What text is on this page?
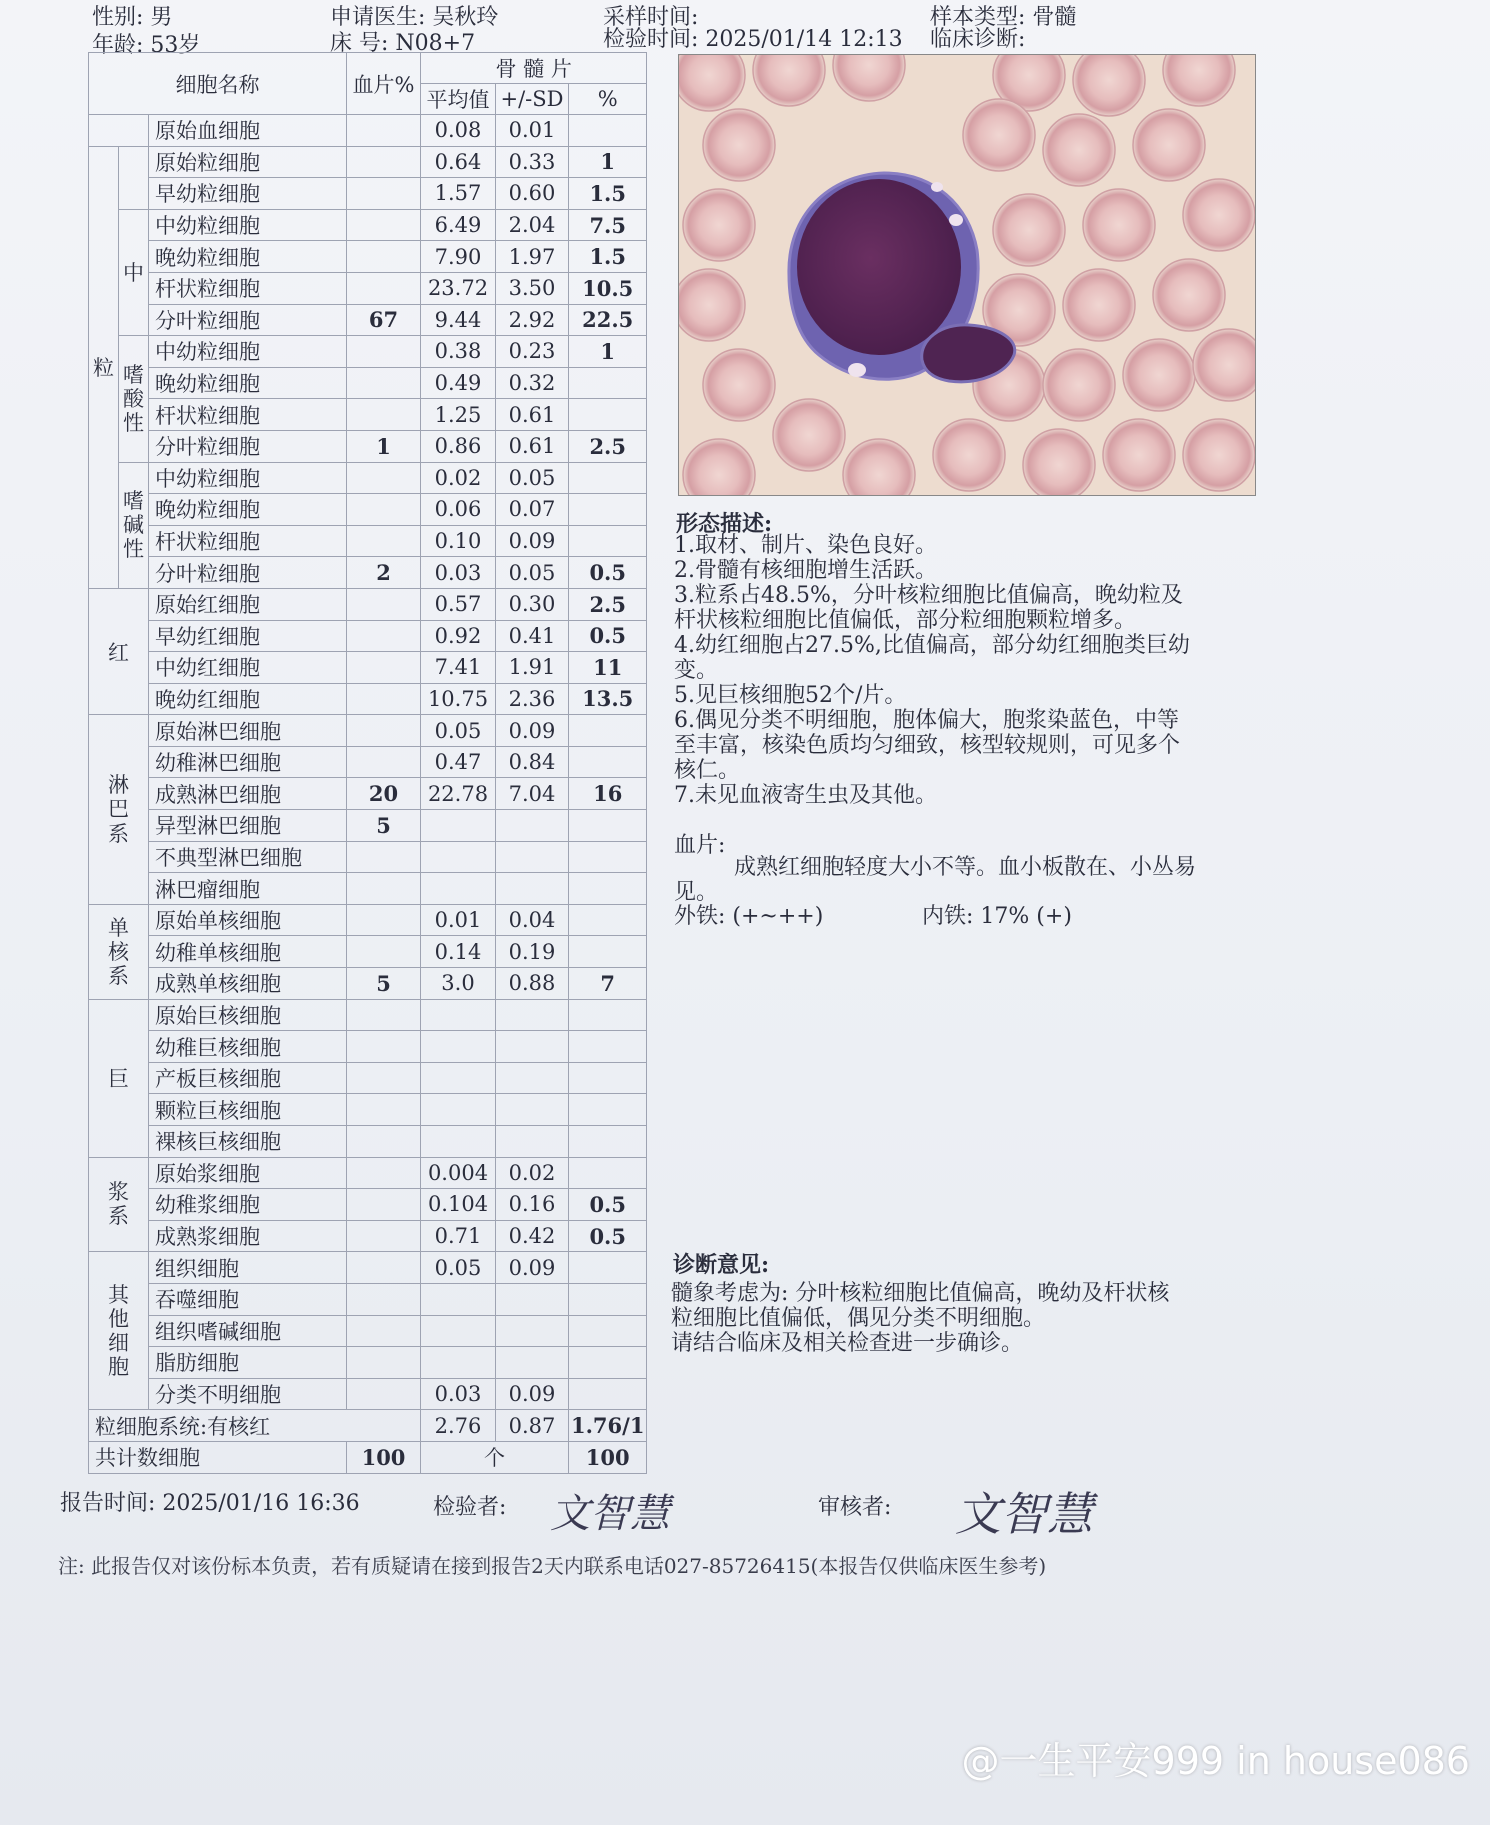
性别: 男
年龄: 53岁
申请医生: 吴秋玲
床 号: N08+7
采样时间:
检验时间: 2025/01/14 12:13
样本类型: 骨髓
临床诊断:
细胞名称			血片%	骨 髓 片		
				平均值	+/-SD	%
		原始血细胞		0.08	0.01	
粒		原始粒细胞		0.64	0.33	1
		早幼粒细胞		1.57	0.60	1.5
	中	中幼粒细胞		6.49	2.04	7.5
		晚幼粒细胞		7.90	1.97	1.5
		杆状粒细胞		23.72	3.50	10.5
		分叶粒细胞	67	9.44	2.92	22.5

	嗜酸性	中幼粒细胞		0.38	0.23	1
		晚幼粒细胞		0.49	0.32	
		杆状粒细胞		1.25	0.61	
		分叶粒细胞	1	0.86	0.61	2.5

	嗜碱性	中幼粒细胞		0.02	0.05	
		晚幼粒细胞		0.06	0.07	
		杆状粒细胞		0.10	0.09	
		分叶粒细胞	2	0.03	0.05	0.5
红		原始红细胞		0.57	0.30	2.5
		早幼红细胞		0.92	0.41	0.5
		中幼红细胞		7.41	1.91	11
		晚幼红细胞		10.75	2.36	13.5

淋巴系		原始淋巴细胞		0.05	0.09	
		幼稚淋巴细胞		0.47	0.84	
		成熟淋巴细胞	20	22.78	7.04	16
		异型淋巴细胞	5			
		不典型淋巴细胞				
		淋巴瘤细胞				

单核系		原始单核细胞		0.01	0.04	
		幼稚单核细胞		0.14	0.19	
		成熟单核细胞	5	3.0	0.88	7
巨		原始巨核细胞				
		幼稚巨核细胞				
		产板巨核细胞				
		颗粒巨核细胞				
		裸核巨核细胞				

浆系		原始浆细胞		0.004	0.02	
		幼稚浆细胞		0.104	0.16	0.5
		成熟浆细胞		0.71	0.42	0.5

其他细胞		组织细胞		0.05	0.09	
		吞噬细胞				
		组织嗜碱细胞				
		脂肪细胞				
		分类不明细胞		0.03	0.09	
粒细胞系统:有核红				2.76	0.87	1.76/1
共计数细胞			100	个		100
形态描述:
1.取材、制片、染色良好。
2.骨髓有核细胞增生活跃。
3.粒系占48.5%，分叶核粒细胞比值偏高，晚幼粒及
杆状核粒细胞比值偏低，部分粒细胞颗粒增多。
4.幼红细胞占27.5%,比值偏高，部分幼红细胞类巨幼
变。
5.见巨核细胞52个/片。
6.偶见分类不明细胞，胞体偏大，胞浆染蓝色，中等
至丰富，核染色质均匀细致，核型较规则，可见多个
核仁。
7.未见血液寄生虫及其他。
血片:
成熟红细胞轻度大小不等。血小板散在、小丛易
见。
外铁: (+~++)	内铁: 17% (+)
诊断意见:
髓象考虑为: 分叶核粒细胞比值偏高，晚幼及杆状核
粒细胞比值偏低，偶见分类不明细胞。
请结合临床及相关检查进一步确诊。
报告时间: 2025/01/16 16:36	检验者: 文智慧	审核者: 文智慧
注: 此报告仅对该份标本负责，若有质疑请在接到报告2天内联系电话027-85726415(本报告仅供临床医生参考)
@一生平安999 in house086
